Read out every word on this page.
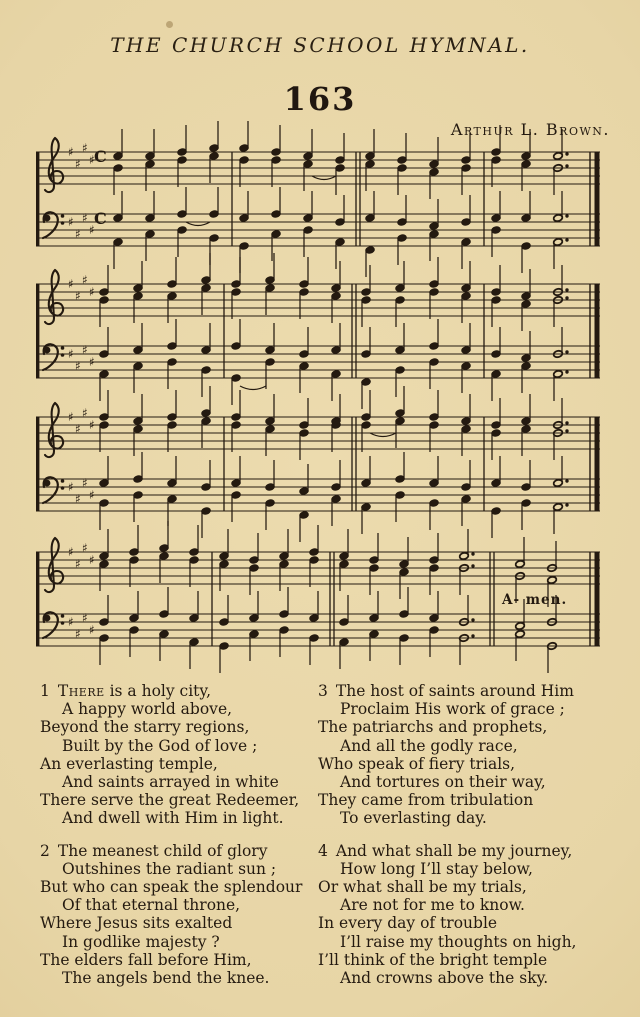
THE CHURCH SCHOOL HYMNAL.
163
Arthur L. Brown.
♯
♯
♯
♯
♯
♯
♯
♯
C
C
♯
♯
♯
♯
♯
♯
♯
♯
♯
♯
♯
♯
♯
♯
♯
♯
♯
♯
♯
♯
♯
♯
♯
♯
A- men.
1 There is a holy city,
A happy world above,
Beyond the starry regions,
Built by the God of love ;
An everlasting temple,
And saints arrayed in white
There serve the great Redeemer,
And dwell with Him in light.
2 The meanest child of glory
Outshines the radiant sun ;
But who can speak the splendour
Of that eternal throne,
Where Jesus sits exalted
In godlike majesty ?
The elders fall before Him,
The angels bend the knee.
3 The host of saints around Him
Proclaim His work of grace ;
The patriarchs and prophets,
And all the godly race,
Who speak of fiery trials,
And tortures on their way,
They came from tribulation
To everlasting day.
4 And what shall be my journey,
How long I’ll stay below,
Or what shall be my trials,
Are not for me to know.
In every day of trouble
I’ll raise my thoughts on high,
I’ll think of the bright temple
And crowns above the sky.
